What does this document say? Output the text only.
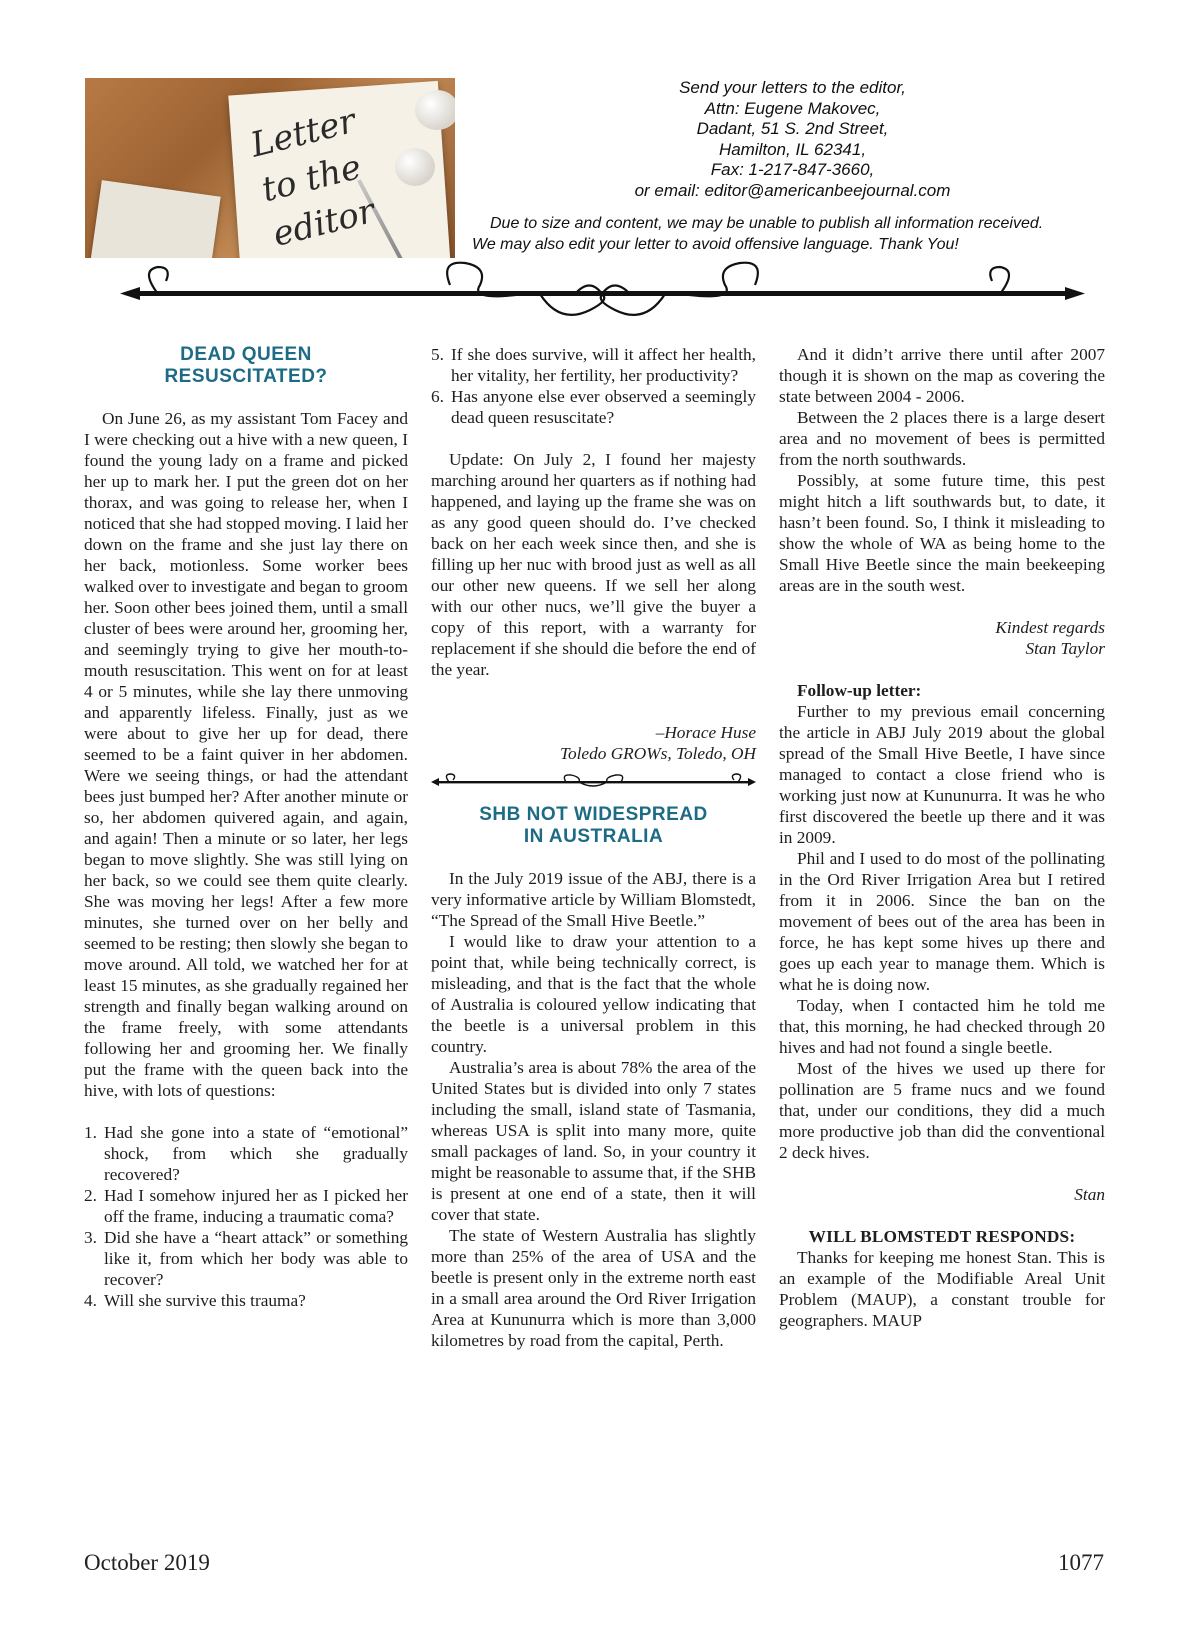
Letter
to the
editor
Send your letters to the editor,
Attn: Eugene Makovec,
Dadant, 51 S. 2nd Street,
Hamilton, IL 62341,
Fax: 1-217-847-3660,
or email: editor@americanbeejournal.com
Due to size and content, we may be unable to publish all information received.
We may also edit your letter to avoid offensive language. Thank You!
DEAD QUEEN
RESUSCITATED?

On June 26, as my assistant Tom Facey and I were checking out a hive with a new queen, I found the young lady on a frame and picked her up to mark her. I put the green dot on her thorax, and was going to release her, when I noticed that she had stopped moving. I laid her down on the frame and she just lay there on her back, motionless. Some worker bees walked over to investigate and began to groom her. Soon other bees joined them, until a small cluster of bees were around her, grooming her, and seemingly trying to give her mouth-to-mouth resuscitation. This went on for at least 4 or 5 minutes, while she lay there unmoving and apparently lifeless. Finally, just as we were about to give her up for dead, there seemed to be a faint quiver in her abdomen. Were we seeing things, or had the attendant bees just bumped her? After another minute or so, her abdomen quivered again, and again, and again! Then a minute or so later, her legs began to move slightly. She was still lying on her back, so we could see them quite clearly. She was moving her legs! After a few more minutes, she turned over on her belly and seemed to be resting; then slowly she began to move around. All told, we watched her for at least 15 minutes, as she gradually regained her strength and finally began walking around on the frame freely, with some attendants following her and grooming her. We finally put the frame with the queen back into the hive, with lots of questions:

1. Had she gone into a state of “emotional” shock, from which she gradually recovered?
2. Had I somehow injured her as I picked her off the frame, inducing a traumatic coma?
3. Did she have a “heart attack” or something like it, from which her body was able to recover?
4. Will she survive this trauma?
5. If she does survive, will it affect her health, her vitality, her fertility, her productivity?
6. Has anyone else ever observed a seemingly dead queen resuscitate?

Update: On July 2, I found her majesty marching around her quarters as if nothing had happened, and laying up the frame she was on as any good queen should do. I’ve checked back on her each week since then, and she is filling up her nuc with brood just as well as all our other new queens. If we sell her along with our other nucs, we’ll give the buyer a copy of this report, with a warranty for replacement if she should die before the end of the year.

–Horace Huse
Toledo GROWs, Toledo, OH
SHB NOT WIDESPREAD
IN AUSTRALIA

In the July 2019 issue of the ABJ, there is a very informative article by William Blomstedt, “The Spread of the Small Hive Beetle.”

I would like to draw your attention to a point that, while being technically correct, is misleading, and that is the fact that the whole of Australia is coloured yellow indicating that the beetle is a universal problem in this country.

Australia’s area is about 78% the area of the United States but is divided into only 7 states including the small, island state of Tasmania, whereas USA is split into many more, quite small packages of land. So, in your country it might be reasonable to assume that, if the SHB is present at one end of a state, then it will cover that state.

The state of Western Australia has slightly more than 25% of the area of USA and the beetle is present only in the extreme north east in a small area around the Ord River Irrigation Area at Kununurra which is more than 3,000 kilometres by road from the capital, Perth.

And it didn’t arrive there until after 2007 though it is shown on the map as covering the state between 2004 - 2006.

Between the 2 places there is a large desert area and no movement of bees is permitted from the north southwards.

Possibly, at some future time, this pest might hitch a lift southwards but, to date, it hasn’t been found. So, I think it misleading to show the whole of WA as being home to the Small Hive Beetle since the main beekeeping areas are in the south west.

Kindest regards
Stan Taylor

Follow-up letter:

Further to my previous email concerning the article in ABJ July 2019 about the global spread of the Small Hive Beetle, I have since managed to contact a close friend who is working just now at Kununurra. It was he who first discovered the beetle up there and it was in 2009.

Phil and I used to do most of the pollinating in the Ord River Irrigation Area but I retired from it in 2006. Since the ban on the movement of bees out of the area has been in force, he has kept some hives up there and goes up each year to manage them. Which is what he is doing now.

Today, when I contacted him he told me that, this morning, he had checked through 20 hives and had not found a single beetle.

Most of the hives we used up there for pollination are 5 frame nucs and we found that, under our conditions, they did a much more productive job than did the conventional 2 deck hives.

Stan
WILL BLOMSTEDT RESPONDS:

Thanks for keeping me honest Stan. This is an example of the Modifiable Areal Unit Problem (MAUP), a constant trouble for geographers. MAUP

October 2019	1077
